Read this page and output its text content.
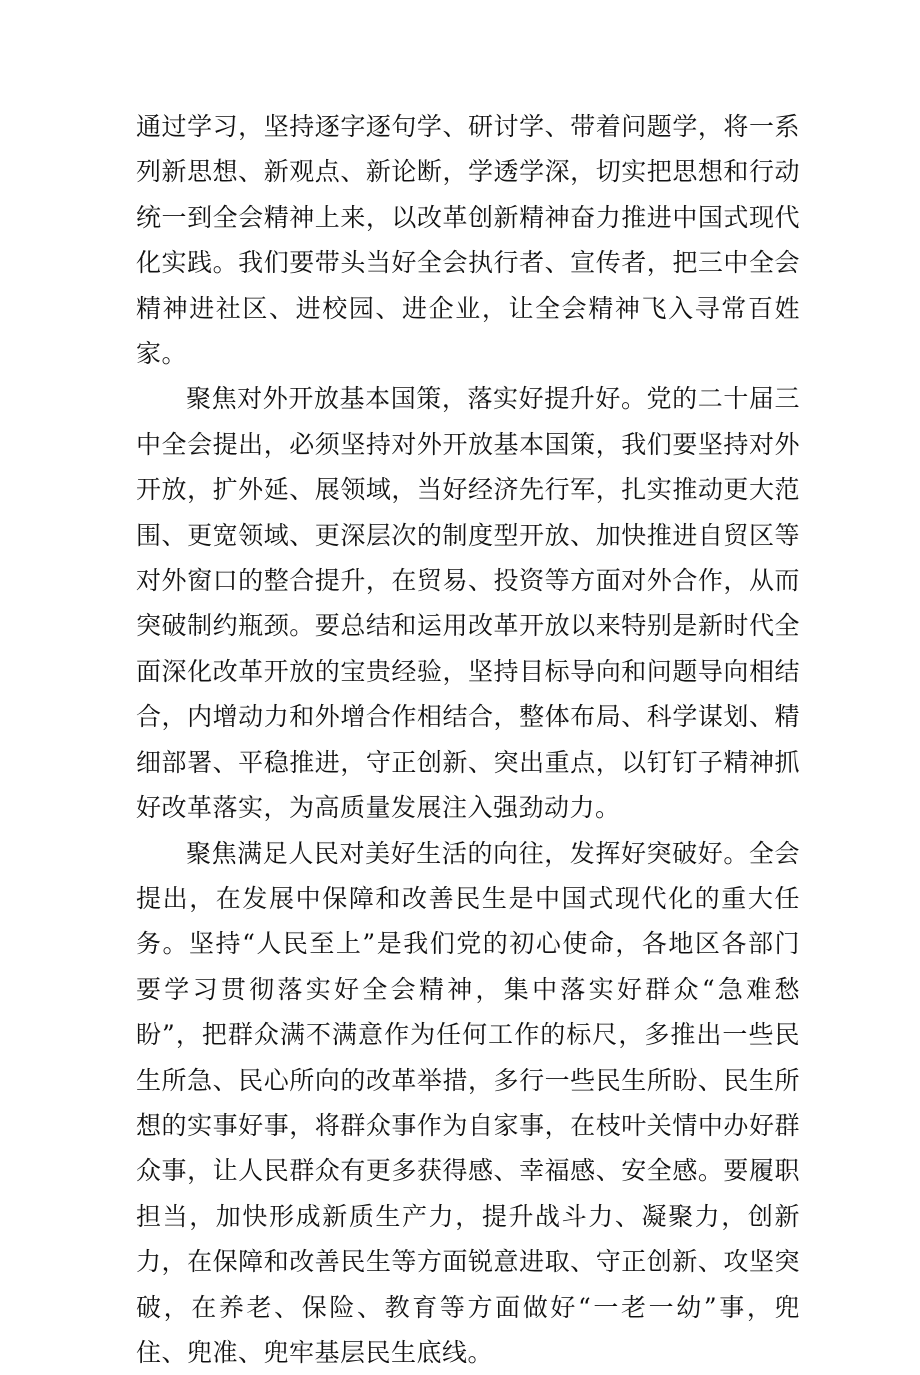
通过学习，坚持逐字逐句学、研讨学、带着问题学，将一系列新思想、新观点、新论断，学透学深，切实把思想和行动统一到全会精神上来，以改革创新精神奋力推进中国式现代化实践。我们要带头当好全会执行者、宣传者，把三中全会精神进社区、进校园、进企业，让全会精神飞入寻常百姓家。

聚焦对外开放基本国策，落实好提升好。党的二十届三中全会提出，必须坚持对外开放基本国策，我们要坚持对外开放，扩外延、展领域，当好经济先行军，扎实推动更大范围、更宽领域、更深层次的制度型开放、加快推进自贸区等对外窗口的整合提升，在贸易、投资等方面对外合作，从而突破制约瓶颈。要总结和运用改革开放以来特别是新时代全面深化改革开放的宝贵经验，坚持目标导向和问题导向相结合，内增动力和外增合作相结合，整体布局、科学谋划、精细部署、平稳推进，守正创新、突出重点，以钉钉子精神抓好改革落实，为高质量发展注入强劲动力。

聚焦满足人民对美好生活的向往，发挥好突破好。全会提出，在发展中保障和改善民生是中国式现代化的重大任务。坚持“人民至上”是我们党的初心使命，各地区各部门要学习贯彻落实好全会精神，集中落实好群众“急难愁盼”，把群众满不满意作为任何工作的标尺，多推出一些民生所急、民心所向的改革举措，多行一些民生所盼、民生所想的实事好事，将群众事作为自家事，在枝叶关情中办好群众事，让人民群众有更多获得感、幸福感、安全感。要履职担当，加快形成新质生产力，提升战斗力、凝聚力，创新力，在保障和改善民生等方面锐意进取、守正创新、攻坚突破，在养老、保险、教育等方面做好“一老一幼”事，兜住、兜准、兜牢基层民生底线。
